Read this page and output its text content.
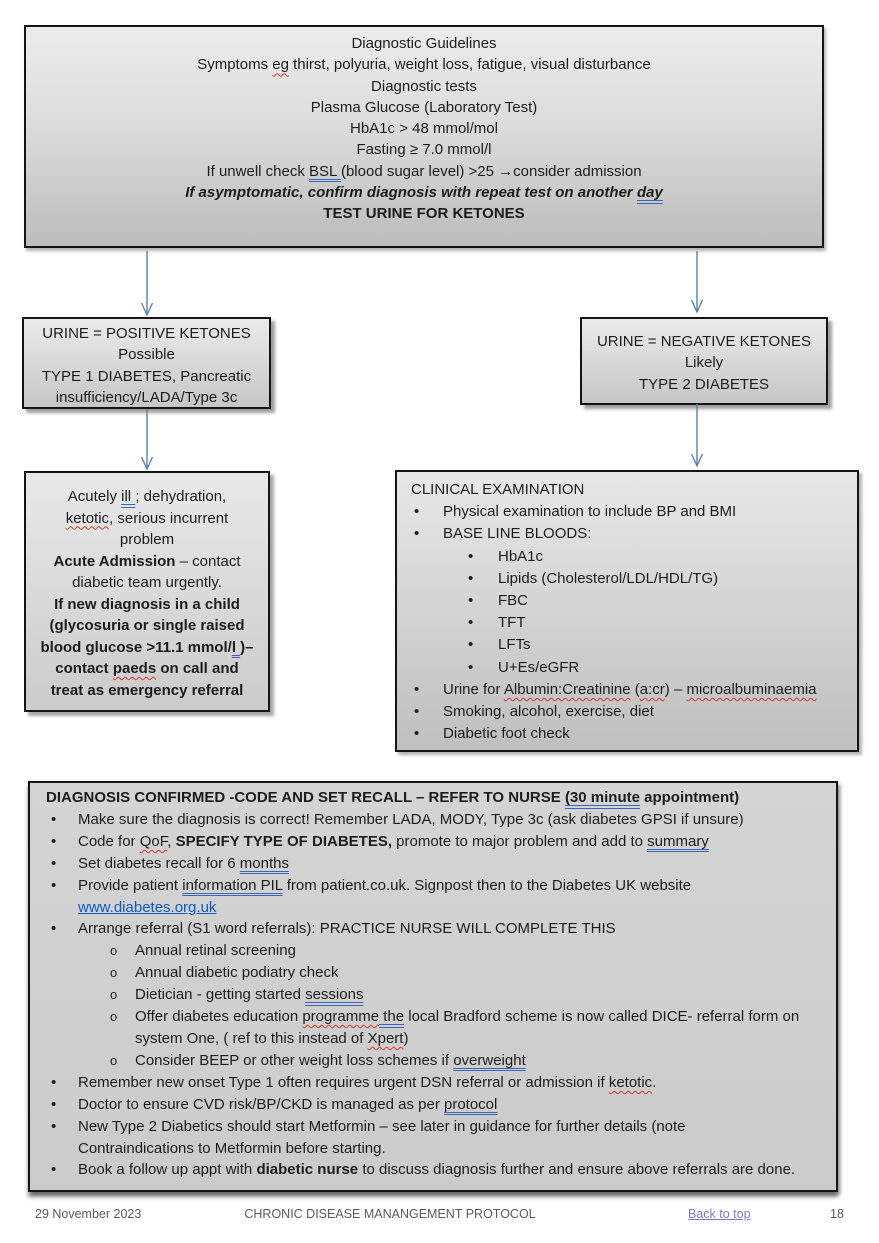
Diagnostic Guidelines
Symptoms eg thirst, polyuria, weight loss, fatigue, visual disturbance
Diagnostic tests
Plasma Glucose (Laboratory Test)
HbA1c > 48 mmol/mol
Fasting ≥ 7.0 mmol/l
If unwell check BSL (blood sugar level) >25 →consider admission
If asymptomatic, confirm diagnosis with repeat test on another day
TEST URINE FOR KETONES
URINE = POSITIVE KETONES
Possible
TYPE 1 DIABETES, Pancreatic
insufficiency/LADA/Type 3c
URINE = NEGATIVE KETONES
Likely
TYPE 2 DIABETES
Acutely ill ; dehydration,
ketotic, serious incurrent
problem
Acute Admission – contact
diabetic team urgently.
If new diagnosis in a child
(glycosuria or single raised
blood glucose >11.1 mmol/l )–
contact paeds on call and
treat as emergency referral
CLINICAL EXAMINATION
• Physical examination to include BP and BMI
• BASE LINE BLOODS:
• HbA1c
• Lipids (Cholesterol/LDL/HDL/TG)
• FBC
• TFT
• LFTs
• U+Es/eGFR
• Urine for Albumin:Creatinine (a:cr) – microalbuminaemia
• Smoking, alcohol, exercise, diet
• Diabetic foot check
DIAGNOSIS CONFIRMED -CODE AND SET RECALL – REFER TO NURSE (30 minute appointment)
• Make sure the diagnosis is correct! Remember LADA, MODY, Type 3c (ask diabetes GPSI if unsure)
• Code for QoF, SPECIFY TYPE OF DIABETES, promote to major problem and add to summary
• Set diabetes recall for 6 months
• Provide patient information PIL from patient.co.uk. Signpost then to the Diabetes UK website
www.diabetes.org.uk
• Arrange referral (S1 word referrals): PRACTICE NURSE WILL COMPLETE THIS
o Annual retinal screening
o Annual diabetic podiatry check
o Dietician - getting started sessions
o Offer diabetes education programme the local Bradford scheme is now called DICE- referral form on
system One, ( ref to this instead of Xpert)
o Consider BEEP or other weight loss schemes if overweight
• Remember new onset Type 1 often requires urgent DSN referral or admission if ketotic.
• Doctor to ensure CVD risk/BP/CKD is managed as per protocol
• New Type 2 Diabetics should start Metformin – see later in guidance for further details (note
Contraindications to Metformin before starting.
• Book a follow up appt with diabetic nurse to discuss diagnosis further and ensure above referrals are done.
29 November 2023	CHRONIC DISEASE MANANGEMENT PROTOCOL	Back to top	18
